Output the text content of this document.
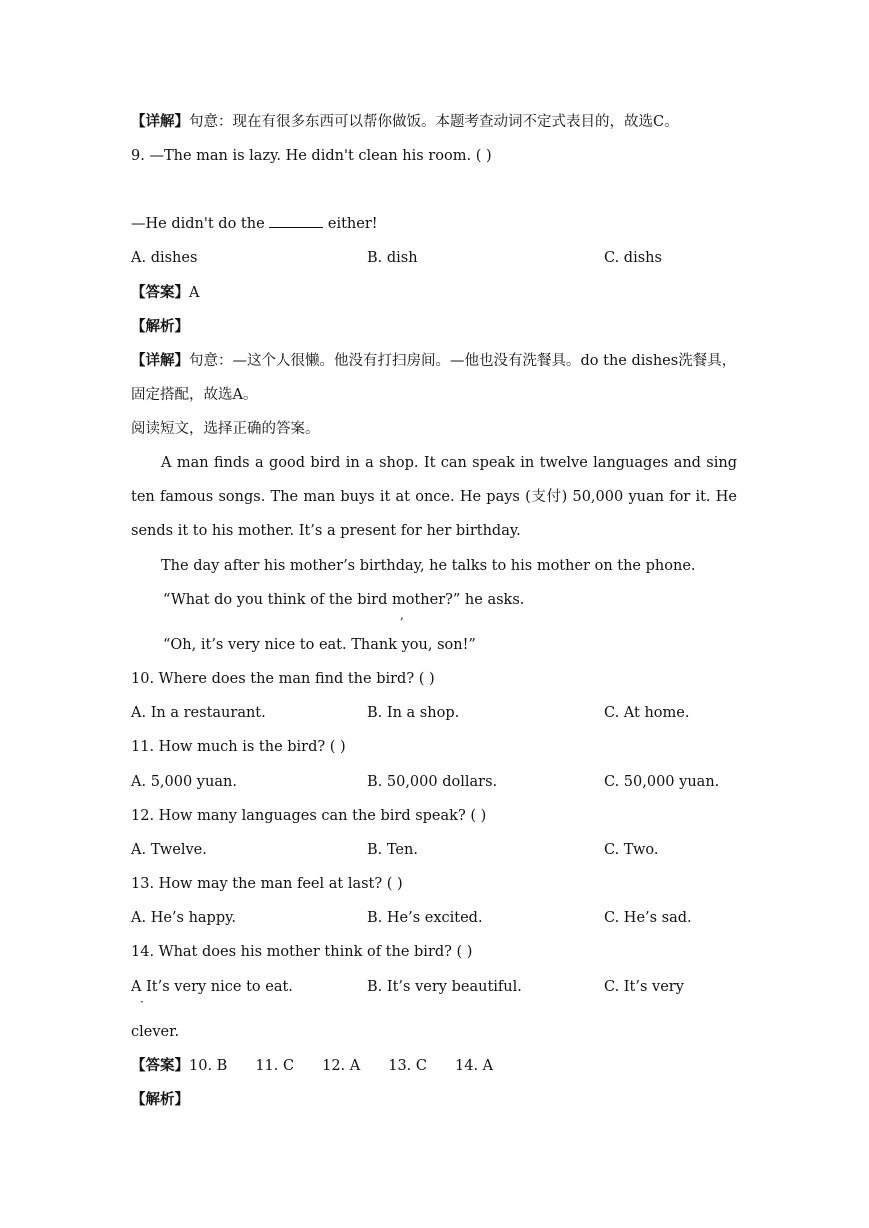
【详解】句意：现在有很多东西可以帮你做饭。本题考查动词不定式表目的，故选C。
9. —The man is lazy. He didn't clean his room. ( )
—He didn't do the	either!
A. dishes	B. dish	C. dishs
【答案】A
【解析】
【详解】句意：—这个人很懒。他没有打扫房间。—他也没有洗餐具。do the dishes洗餐具，固定搭配，故选A。
阅读短文，选择正确的答案。
A man finds a good bird in a shop. It can speak in twelve languages and sing ten famous songs. The man buys it at once. He pays (支付) 50,000 yuan for it. He sends it to his mother. It’s a present for her birthday.
The day after his mother’s birthday, he talks to his mother on the phone.
“What do you think of the bird mother?” he asks.
,
“Oh, it’s very nice to eat. Thank you, son!”
10. Where does the man find the bird? ( )
A. In a restaurant.	B. In a shop.	C. At home.
11. How much is the bird? ( )
A. 5,000 yuan.	B. 50,000 dollars.	C. 50,000 yuan.
12. How many languages can the bird speak? ( )
A. Twelve.	B. Ten.	C. Two.
13. How may the man feel at last? ( )
A. He’s happy.	B. He’s excited.	C. He’s sad.
14. What does his mother think of the bird? ( )
A It’s very nice to eat.
·
B. It’s very beautiful.	C. It’s very
clever.
【答案】10. B 11. C 12. A 13. C 14. A
【解析】
